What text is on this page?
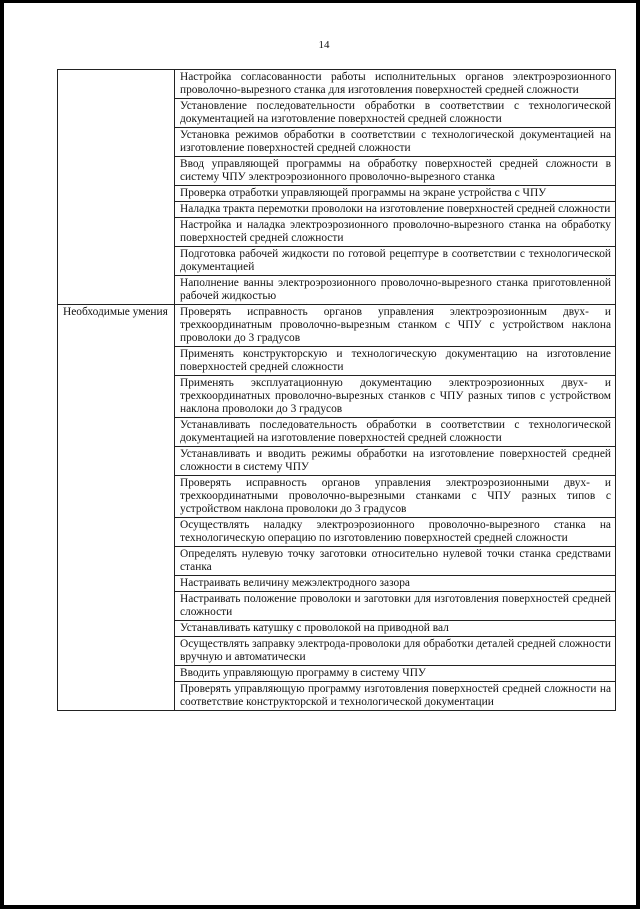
14
	Настройка согласованности работы исполнительных органов электроэрозионного проволочно-вырезного станка для изготовления поверхностей средней сложности
	Установление последовательности обработки в соответствии с технологической документацией на изготовление поверхностей средней сложности
	Установка режимов обработки в соответствии с технологической документацией на изготовление поверхностей средней сложности
	Ввод управляющей программы на обработку поверхностей средней сложности в систему ЧПУ электроэрозионного проволочно-вырезного станка
	Проверка отработки управляющей программы на экране устройства с ЧПУ
	Наладка тракта перемотки проволоки на изготовление поверхностей средней сложности
	Настройка и наладка электроэрозионного проволочно-вырезного станка на обработку поверхностей средней сложности
	Подготовка рабочей жидкости по готовой рецептуре в соответствии с технологической документацией
	Наполнение ванны электроэрозионного проволочно-вырезного станка приготовленной рабочей жидкостью
Необходимые умения	Проверять исправность органов управления электроэрозионным двух- и трехкоординатным проволочно-вырезным станком с ЧПУ с устройством наклона проволоки до 3 градусов
	Применять конструкторскую и технологическую документацию на изготовление поверхностей средней сложности
	Применять эксплуатационную документацию электроэрозионных двух- и трехкоординатных проволочно-вырезных станков с ЧПУ разных типов с устройством наклона проволоки до 3 градусов
	Устанавливать последовательность обработки в соответствии с технологической документацией на изготовление поверхностей средней сложности
	Устанавливать и вводить режимы обработки на изготовление поверхностей средней сложности в систему ЧПУ
	Проверять исправность органов управления электроэрозионными двух- и трехкоординатными проволочно-вырезными станками с ЧПУ разных типов с устройством наклона проволоки до 3 градусов
	Осуществлять наладку электроэрозионного проволочно-вырезного станка на технологическую операцию по изготовлению поверхностей средней сложности
	Определять нулевую точку заготовки относительно нулевой точки станка средствами станка
	Настраивать величину межэлектродного зазора
	Настраивать положение проволоки и заготовки для изготовления поверхностей средней сложности
	Устанавливать катушку с проволокой на приводной вал
	Осуществлять заправку электрода-проволоки для обработки деталей средней сложности вручную и автоматически
	Вводить управляющую программу в систему ЧПУ
	Проверять управляющую программу изготовления поверхностей средней сложности на соответствие конструкторской и технологической документации
